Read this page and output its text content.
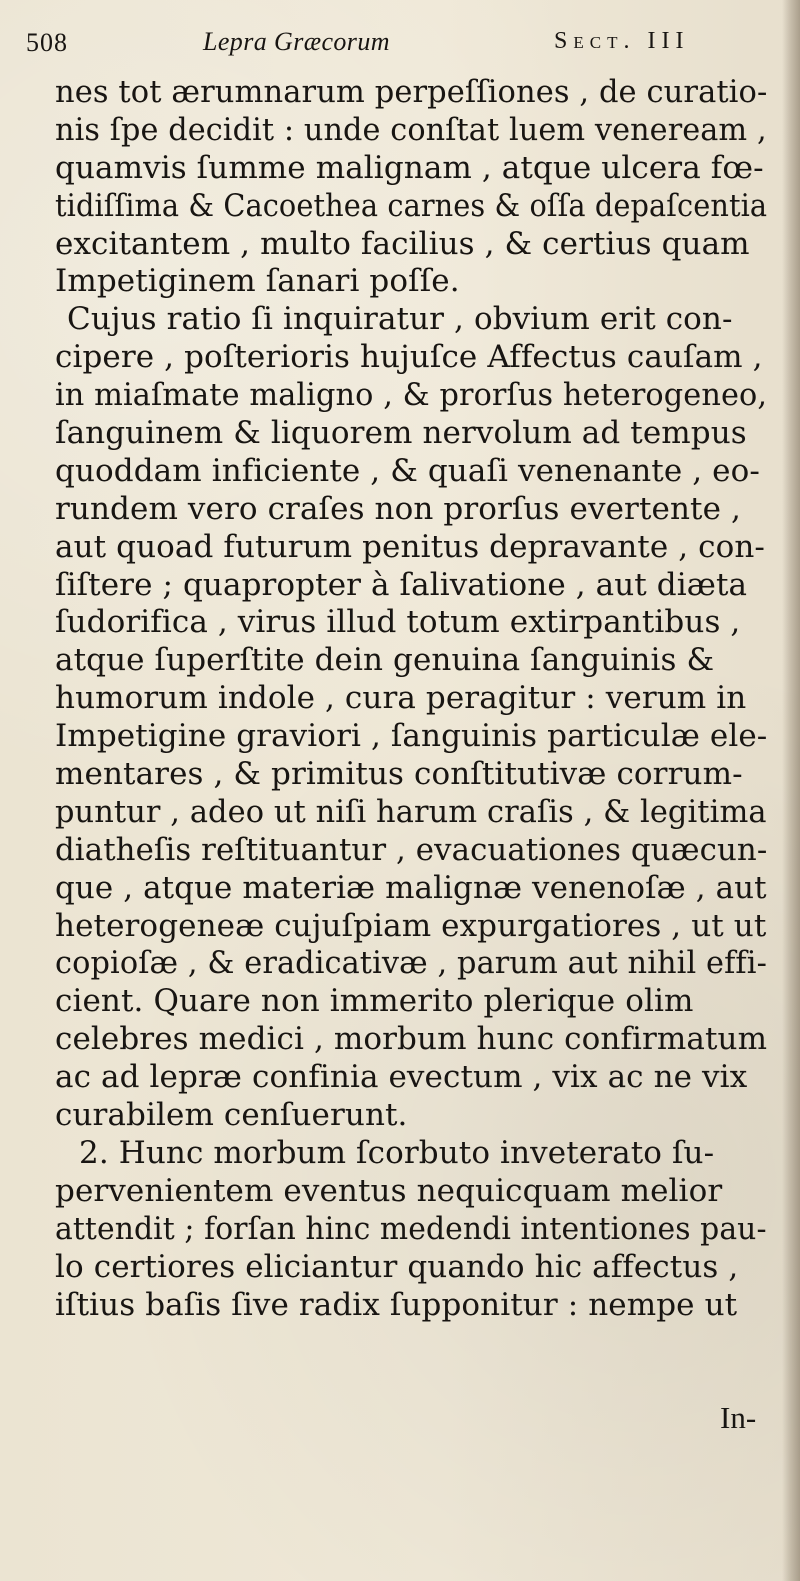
508	Lepra Græcorum	Sect. III
nes tot ærumnarum perpeſſiones , de curatio-
nis ſpe decidit : unde conſtat luem veneream ,
quamvis ſumme malignam , atque ulcera fœ-
tidiſſima & Cacoethea carnes & oſſa depaſcentia
excitantem , multo facilius , & certius quam
Impetiginem ſanari poſſe.
Cujus ratio ſi inquiratur , obvium erit con-
cipere , poſterioris hujuſce Affectus cauſam ,
in miaſmate maligno , & prorſus heterogeneo,
ſanguinem & liquorem nervolum ad tempus
quoddam inficiente , & quaſi venenante , eo-
rundem vero craſes non prorſus evertente ,
aut quoad futurum penitus depravante , con-
ſiſtere ; quapropter à ſalivatione , aut diæta
ſudorifica , virus illud totum extirpantibus ,
atque ſuperſtite dein genuina ſanguinis &
humorum indole , cura peragitur : verum in
Impetigine graviori , ſanguinis particulæ ele-
mentares , & primitus conſtitutivæ corrum-
puntur , adeo ut niſi harum craſis , & legitima
diatheſis reſtituantur , evacuationes quæcun-
que , atque materiæ malignæ venenoſæ , aut
heterogeneæ cujuſpiam expurgatiores , ut ut
copioſæ , & eradicativæ , parum aut nihil effi-
cient. Quare non immerito plerique olim
celebres medici , morbum hunc confirmatum
ac ad lepræ confinia evectum , vix ac ne vix
curabilem cenſuerunt.
2. Hunc morbum ſcorbuto inveterato ſu-
pervenientem eventus nequicquam melior
attendit ; forſan hinc medendi intentiones pau-
lo certiores eliciantur quando hic affectus ,
iſtius baſis ſive radix ſupponitur : nempe ut
In-
